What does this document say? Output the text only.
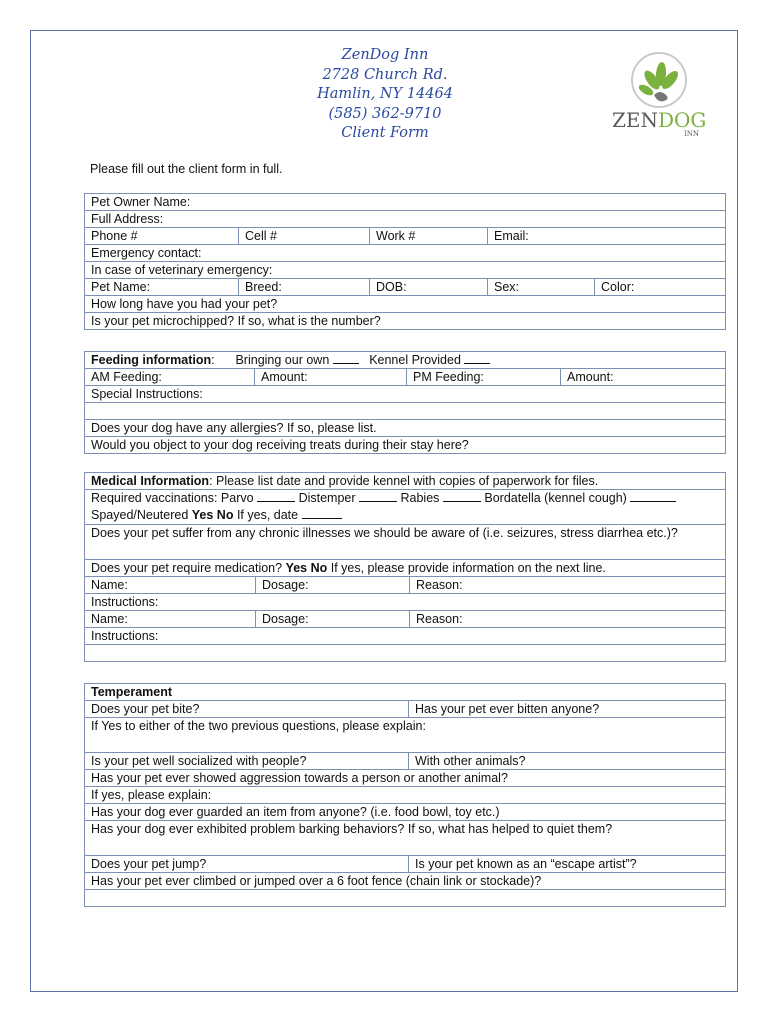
ZenDog Inn
2728 Church Rd.
Hamlin, NY 14464
(585) 362-9710
Client Form
ZENDOG
INN
Please fill out the client form in full.
Pet Owner Name:				
Full Address:				
Phone #	Cell #	Work #	Email:	
Emergency contact:				
In case of veterinary emergency:				
Pet Name:	Breed:	DOB:	Sex:	Color:
How long have you had your pet?				
Is your pet microchipped? If so, what is the number?				
Feeding information: Bringing our own	Kennel Provided
AM Feeding:	Amount:	PM Feeding:	Amount:
Special Instructions:

Does your dog have any allergies? If so, please list.
Would you object to your dog receiving treats during their stay here?
Medical Information: Please list date and provide kennel with copies of paperwork for files.		
Required vaccinations: Parvo Distemper Rabies Bordatella (kennel cough)
Spayed/Neutered Yes No If yes, date		
Does your pet suffer from any chronic illnesses we should be aware of (i.e. seizures, stress diarrhea etc.)?		
Does your pet require medication? Yes No If yes, please provide information on the next line.		
Name:	Dosage:	Reason:
Instructions:		
Name:	Dosage:	Reason:
Instructions:		

Temperament	
Does your pet bite?	Has your pet ever bitten anyone?
If Yes to either of the two previous questions, please explain:	
Is your pet well socialized with people?	With other animals?
Has your pet ever showed aggression towards a person or another animal?	
If yes, please explain:	
Has your dog ever guarded an item from anyone? (i.e. food bowl, toy etc.)	
Has your dog ever exhibited problem barking behaviors? If so, what has helped to quiet them?	
Does your pet jump?	Is your pet known as an “escape artist”?
Has your pet ever climbed or jumped over a 6 foot fence (chain link or stockade)?	
